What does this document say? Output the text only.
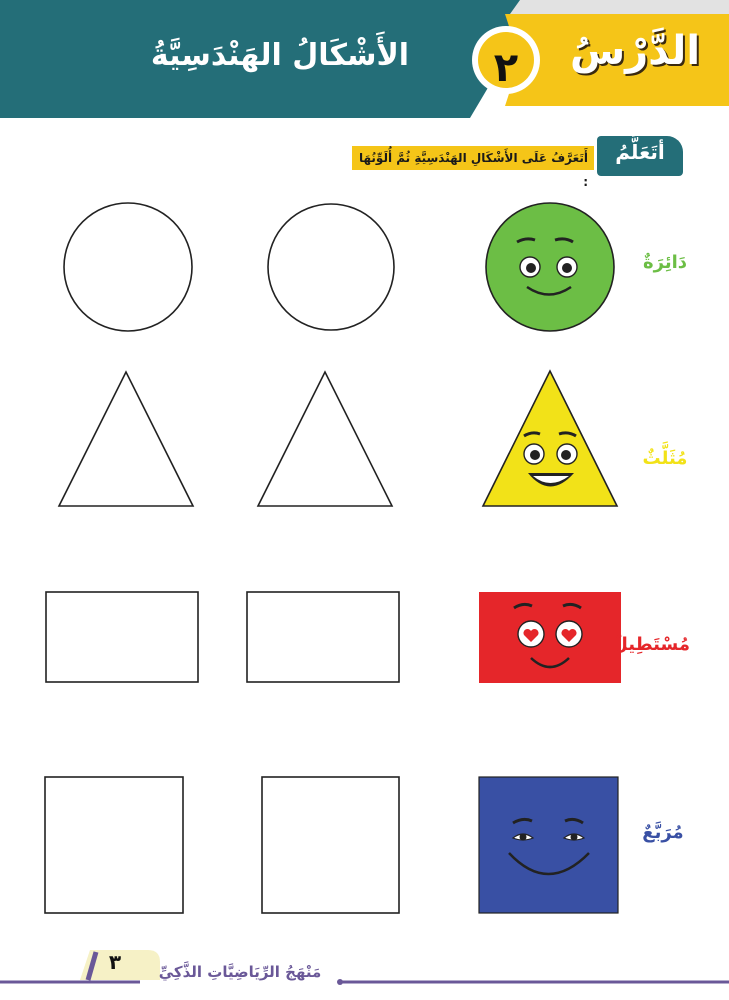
الدَّرْسُ
٢
الأَشْكَالُ الهَنْدَسِيَّةُ
أتَعَلَّمُ
أَتَعَرَّفُ عَلَى الأَشْكَالِ الهَنْدَسِيَّةِ ثُمَّ أُلَوِّنُهَا :
دَائِرَةٌ
مُثَلَّثٌ
مُسْتَطِيلٌ
مُرَبَّعٌ
٣	مَنْهَجُ الرِّيَاضِيَّاتِ الذَّكِيِّ
